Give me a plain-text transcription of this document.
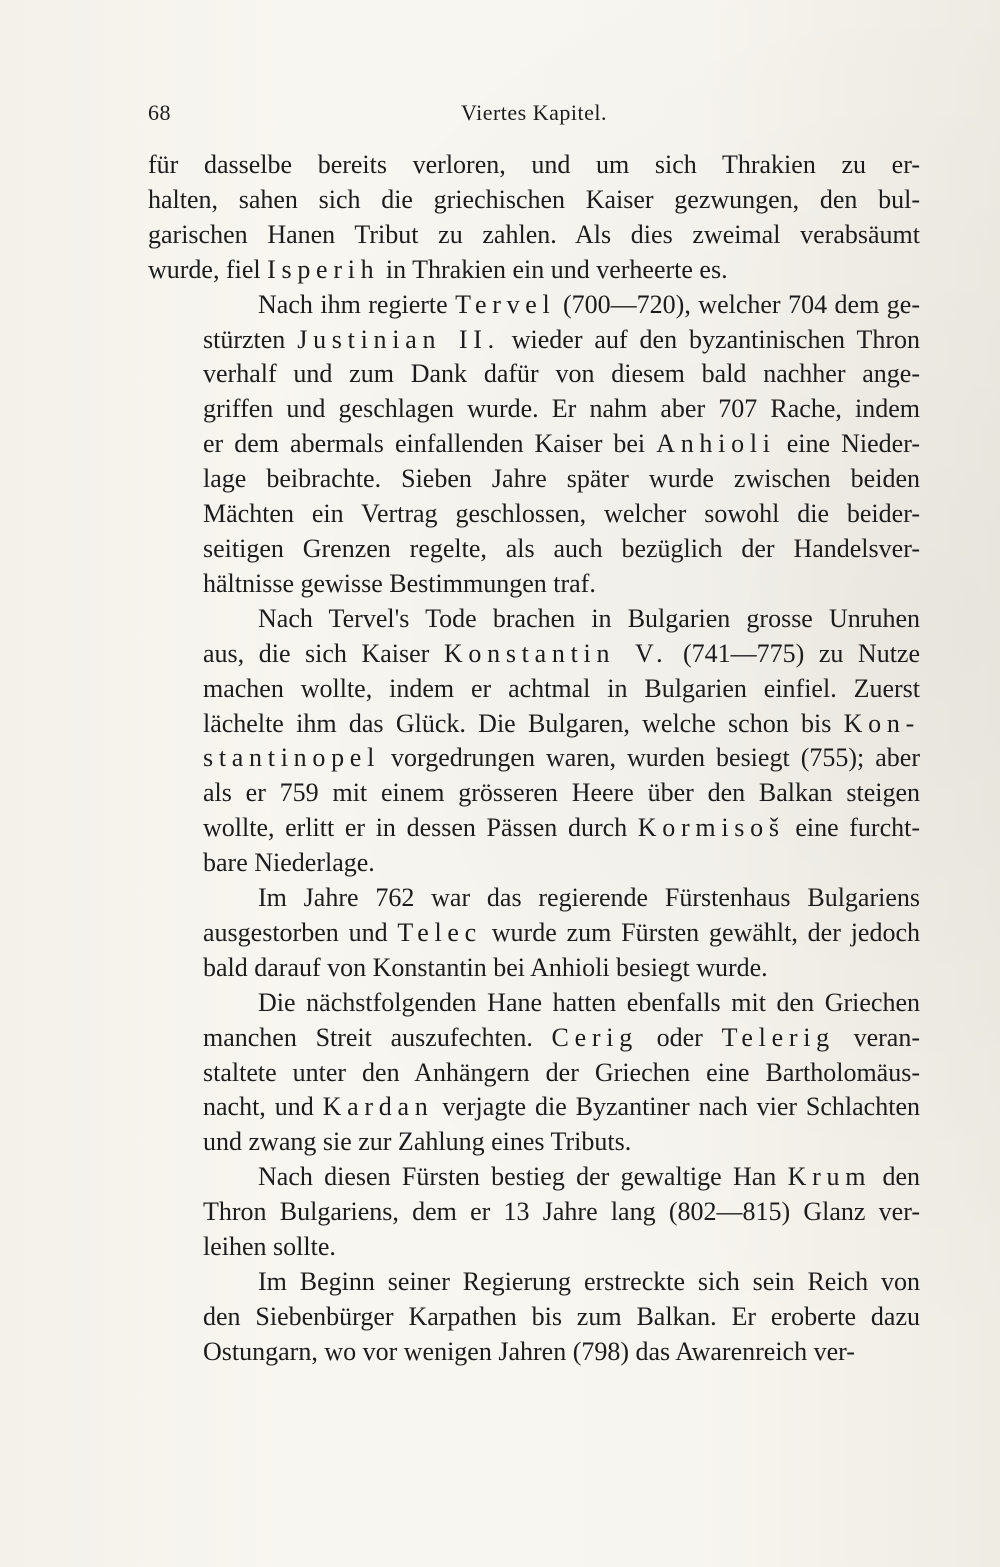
68	Viertes Kapitel.

für dasselbe bereits verloren, und um sich Thrakien zu er-
halten, sahen sich die griechischen Kaiser gezwungen, den bul-
garischen Hanen Tribut zu zahlen. Als dies zweimal verabsäumt
wurde, fiel Isperih in Thrakien ein und verheerte es.

Nach ihm regierte Tervel (700—720), welcher 704 dem ge-
stürzten Justinian II. wieder auf den byzantinischen Thron
verhalf und zum Dank dafür von diesem bald nachher ange-
griffen und geschlagen wurde. Er nahm aber 707 Rache, indem
er dem abermals einfallenden Kaiser bei Anhioli eine Nieder-
lage beibrachte. Sieben Jahre später wurde zwischen beiden
Mächten ein Vertrag geschlossen, welcher sowohl die beider-
seitigen Grenzen regelte, als auch bezüglich der Handelsver-
hältnisse gewisse Bestimmungen traf.

Nach Tervel's Tode brachen in Bulgarien grosse Unruhen
aus, die sich Kaiser Konstantin V. (741—775) zu Nutze
machen wollte, indem er achtmal in Bulgarien einfiel. Zuerst
lächelte ihm das Glück. Die Bulgaren, welche schon bis Kon-
stantinopel vorgedrungen waren, wurden besiegt (755); aber
als er 759 mit einem grösseren Heere über den Balkan steigen
wollte, erlitt er in dessen Pässen durch Kormisoš eine furcht-
bare Niederlage.

Im Jahre 762 war das regierende Fürstenhaus Bulgariens
ausgestorben und Telec wurde zum Fürsten gewählt, der jedoch
bald darauf von Konstantin bei Anhioli besiegt wurde.

Die nächstfolgenden Hane hatten ebenfalls mit den Griechen
manchen Streit auszufechten. Cerig oder Telerig veran-
staltete unter den Anhängern der Griechen eine Bartholomäus-
nacht, und Kardan verjagte die Byzantiner nach vier Schlachten
und zwang sie zur Zahlung eines Tributs.

Nach diesen Fürsten bestieg der gewaltige Han Krum den
Thron Bulgariens, dem er 13 Jahre lang (802—815) Glanz ver-
leihen sollte.

Im Beginn seiner Regierung erstreckte sich sein Reich von
den Siebenbürger Karpathen bis zum Balkan. Er eroberte dazu
Ostungarn, wo vor wenigen Jahren (798) das Awarenreich ver-
